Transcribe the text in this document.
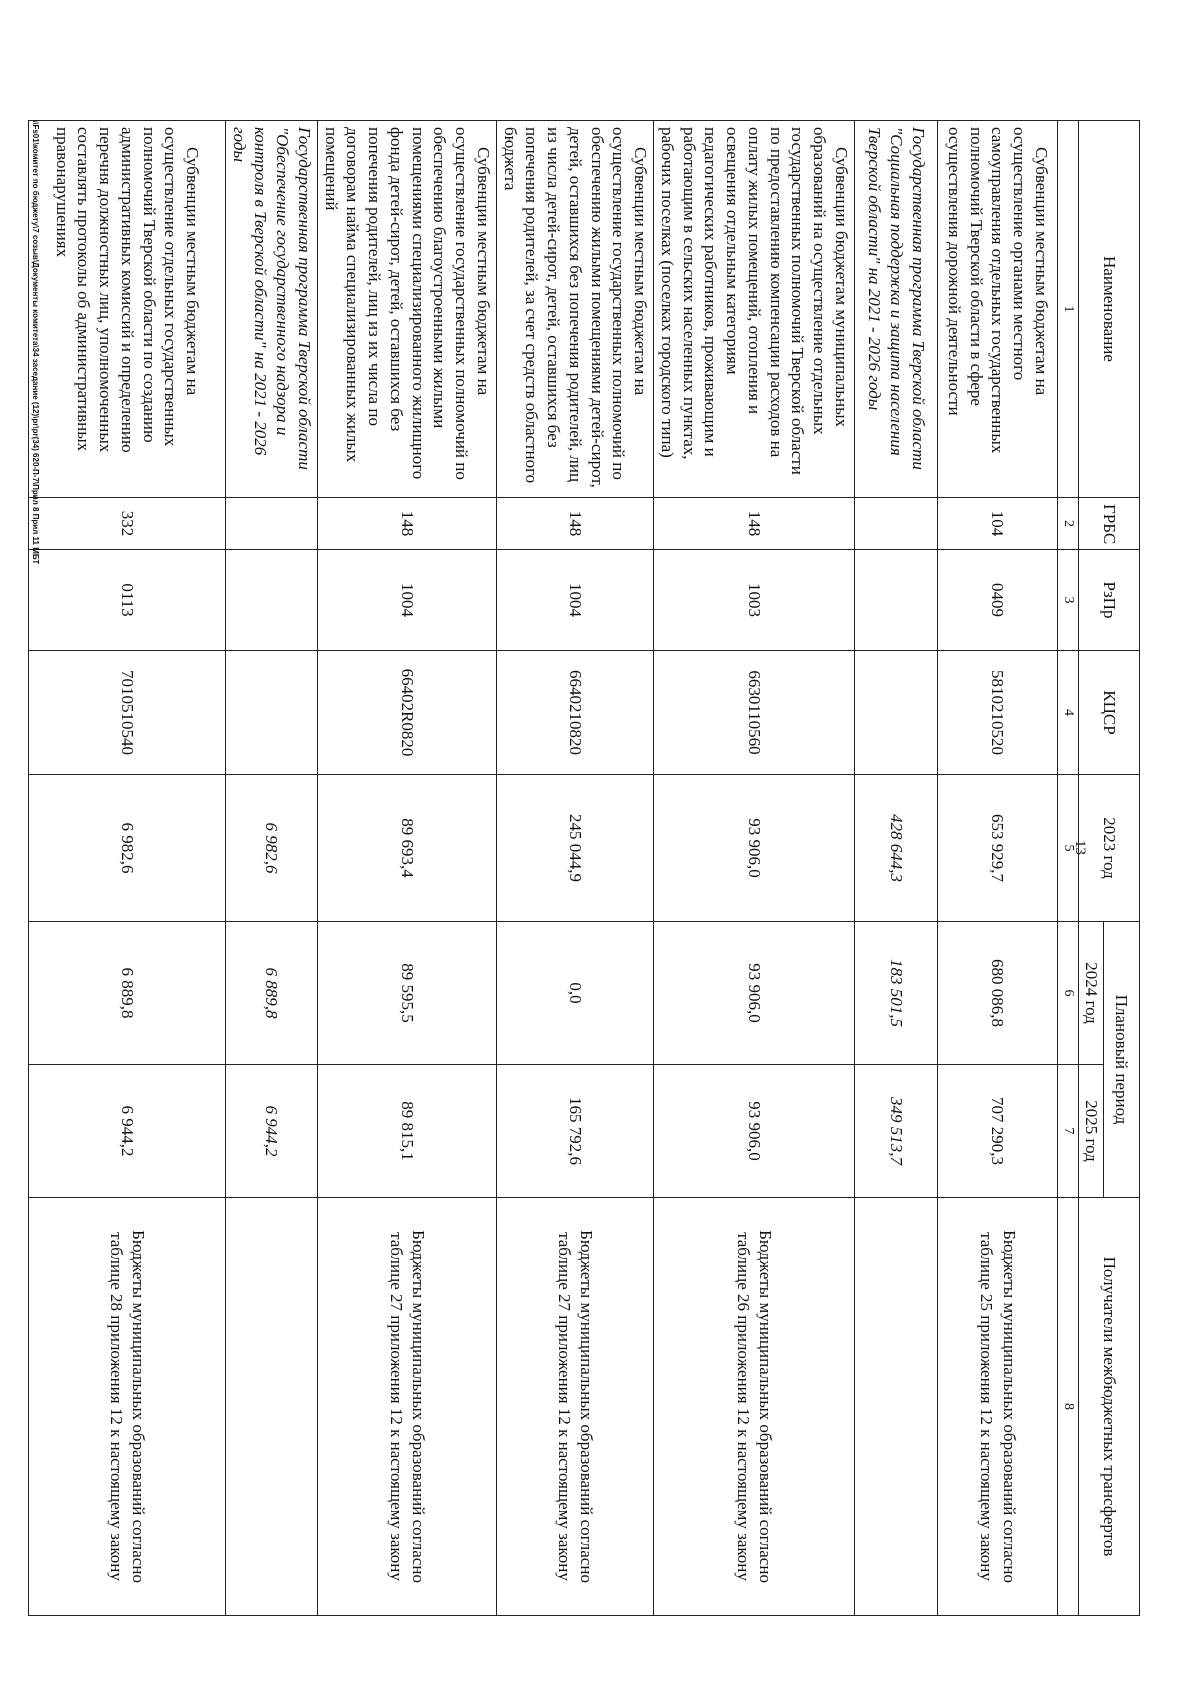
13
Наименование	ГРБС	РзПр	КЦСР	2023 год	Плановый период		Получатели межбюджетных трансфертов
					2024 год	2025 год	
1	2	3	4	5	6	7	8
Субвенции местным бюджетам на осуществление органами местного самоуправления отдельных государственных полномочий Тверской области в сфере осуществления дорожной деятельности	104	0409	5810210520	653 929,7	680 086,8	707 290,3	Бюджеты муниципальных образований согласно таблице 25 приложения 12 к настоящему закону
Государственная программа Тверской области "Социальная поддержка и защита населения Тверской области" на 2021 - 2026 годы				428 644,3	183 501,5	349 513,7	
Субвенции бюджетам муниципальных образований на осуществление отдельных государственных полномочий Тверской области по предоставлению компенсации расходов на оплату жилых помещений, отопления и освещения отдельным категориям педагогических работников, проживающим и работающим в сельских населенных пунктах, рабочих поселках (поселках городского типа)	148	1003	6630110560	93 906,0	93 906,0	93 906,0	Бюджеты муниципальных образований согласно таблице 26 приложения 12 к настоящему закону
Субвенции местным бюджетам на осуществление государственных полномочий по обеспечению жилыми помещениями детей-сирот, детей, оставшихся без попечения родителей, лиц из числа детей-сирот, детей, оставшихся без попечения родителей, за счет средств областного бюджета	148	1004	6640210820	245 044,9	0,0	165 792,6	Бюджеты муниципальных образований согласно таблице 27 приложения 12 к настоящему закону
Субвенции местным бюджетам на осуществление государственных полномочий по обеспечению благоустроенными жилыми помещениями специализированного жилищного фонда детей-сирот, детей, оставшихся без попечения родителей, лиц из их числа по договорам найма специализированных жилых помещений	148	1004	66402R0820	89 693,4	89 595,5	89 815,1	Бюджеты муниципальных образований согласно таблице 27 приложения 12 к настоящему закону
Государственная программа Тверской области "Обеспечение государственного надзора и контроля в Тверской области" на 2021 - 2026 годы				6 982,6	6 889,8	6 944,2	
Субвенции местным бюджетам на осуществление отдельных государственных полномочий Тверской области по созданию административных комиссий и определению перечня должностных лиц, уполномоченных составлять протоколы об административных правонарушениях	332	0113	7010510540	6 982,6	6 889,8	6 944,2	Бюджеты муниципальных образований согласно таблице 28 приложения 12 к настоящему закону
\\Fs01\комитет по бюджету\7 созыв\Документы комитета\34 заседание (12)\pr\pr(34) 620-П-7\Прил 8 Прил 11 МБТ
